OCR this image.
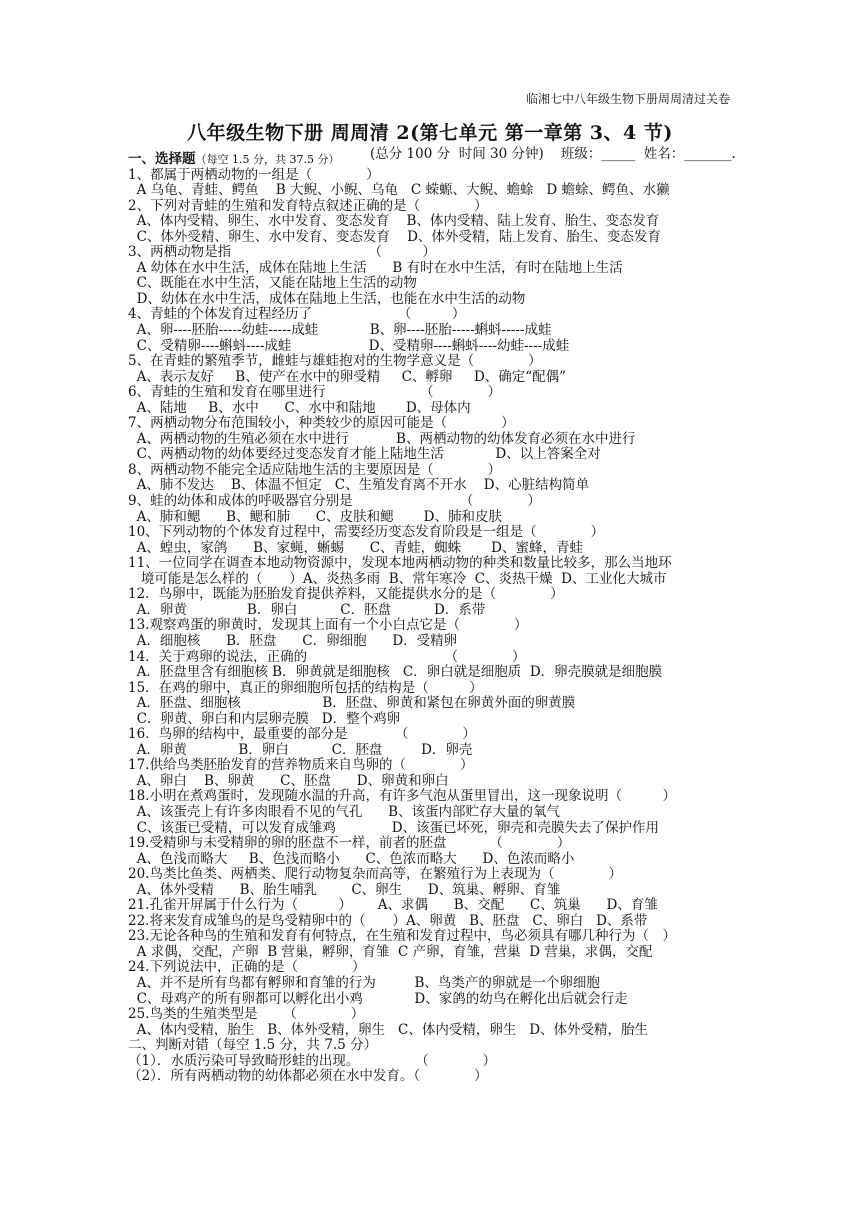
临湘七中八年级生物下册周周清过关卷
八年级生物下册 周周清 2(第七单元 第一章第 3、4 节)
(总分 100 分  时间 30 分钟)    班级：_____  姓名：_______.
一、选择题（每空 1.5 分，共 37.5 分）
1、都属于两栖动物的一组是（　　　　）
A 乌龟、青蛙、鳄鱼    B 大鲵、小鲵、乌龟   C 蝾螈、大鲵、蟾蜍   D 蟾蜍、鳄鱼、水獭
2、下列对青蛙的生殖和发育特点叙述正确的是（　　　　）
A、体内受精、卵生、水中发育、变态发育    B、体内受精、陆上发育、胎生、变态发育
C、体外受精、卵生、水中发育、变态发育    D、体外受精，陆上发育、胎生、变态发育
3、两栖动物是指                                （　　　）
A 幼体在水中生活，成体在陆地上生活      B 有时在水中生活，有时在陆地上生活
C、既能在水中生活，又能在陆地上生活的动物
D、幼体在水中生活，成体在陆地上生活，也能在水中生活的动物
4、青蛙的个体发育过程经历了                    （　　　）
A、卵----胚胎-----幼蛙-----成蛙            B、卵----胚胎-----蝌蚪-----成蛙
C、受精卵----蝌蚪----成蛙                  D、受精卵----蝌蚪----幼蛙----成蛙
5、在青蛙的繁殖季节，雌蛙与雄蛙抱对的生物学意义是（　　　　）
A、表示友好     B、使产在水中的卵受精     C、孵卵     D、确定“配偶”
6、青蛙的生殖和发育在哪里进行                      （　　　　）
A、陆地     B、水中      C、水中和陆地       D、母体内
7、两栖动物分布范围较小，种类较少的原因可能是（　　　　）
A、两栖动物的生殖必须在水中进行           B、两栖动物的幼体发育必须在水中进行
C、两栖动物的幼体要经过变态发育才能上陆地生活            D、以上答案全对
8、两栖动物不能完全适应陆地生活的主要原因是（　　　　）
A、肺不发达    B、体温不恒定   C、生殖发育离不开水    D、心脏结构简单
9、蛙的幼体和成体的呼吸器官分别是                         （　　　　）
A、肺和鳃      B、鳃和肺      C、皮肤和鳃       D、肺和皮肤
10、下列动物的个体发育过程中，需要经历变态发育阶段是一组是（　　　　）
A、蝗虫，家鸽      B、家蝇，蜥蜴      C、青蛙，蜘蛛       D、蜜蜂，青蛙
11、一位同学在调查本地动物资源中，发现本地两栖动物的种类和数量比较多，那么当地环
境可能是怎么样的（　　）A、炎热多雨  B、常年寒冷  C、炎热干燥  D、工业化大城市
12．鸟卵中，既能为胚胎发育提供养料，又能提供水分的是（　　　　）
A．卵黄              B．卵白          C．胚盘          D．系带
13.观察鸡蛋的卵黄时，发现其上面有一个小白点它是（　　　　）
A．细胞核      B．胚盘      C．卵细胞      D．受精卵
14．关于鸡卵的说法，正确的                                （　　　　）
A．胚盘里含有细胞核 B．卵黄就是细胞核   C．卵白就是细胞质  D．卵壳膜就是细胞膜
15．在鸡的卵中，真正的卵细胞所包括的结构是（　　　）
A．胚盘、细胞核                   B．胚盘、卵黄和紧包在卵黄外面的卵黄膜
C．卵黄、卵白和内层卵壳膜   D．整个鸡卵
16．鸟卵的结构中，最重要的部分是           （　　　　）
A．卵黄            B．卵白          C．胚盘         D．卵壳
17.供给鸟类胚胎发育的营养物质来自鸟卵的（　　　　）
A、卵白    B、卵黄      C、胚盘      D、卵黄和卵白
18.小明在煮鸡蛋时，发现随水温的升高，有许多气泡从蛋里冒出，这一现象说明（　　　）
A、该蛋壳上有许多肉眼看不见的气孔      B、该蛋内部贮存大量的氧气
C、该蛋已受精，可以发育成雏鸡             D、该蛋已坏死，卵壳和壳膜失去了保护作用
19.受精卵与未受精卵的卵的胚盘不一样，前者的胚盘          （　　　　）
A、色浅而略大     B、色浅而略小      C、色浓而略大      D、色浓而略小
20.鸟类比鱼类、两栖类、爬行动物复杂而高等，在繁殖行为上表现为（　　　　）
A、体外受精      B、胎生哺乳        C、卵生      D、筑巢、孵卵、育雏
21.孔雀开屏属于什么行为（　　　）      A、求偶      B、交配      C、筑巢      D、育雏
22.将来发育成雏鸟的是鸟受精卵中的（　　）A、卵黄   B、胚盘   C、卵白   D、系带
23.无论各种鸟的生殖和发育有何特点，在生殖和发育过程中，鸟必须具有哪几种行为（　）
A 求偶，交配，产卵  B 营巢，孵卵，育雏  C 产卵，育雏，营巢  D 营巢，求偶，交配
24.下列说法中，正确的是（　　　　）
A、并不是所有鸟都有孵卵和育雏的行为         B、鸟类产的卵就是一个卵细胞
C、母鸡产的所有卵都可以孵化出小鸡            D、家鸽的幼鸟在孵化出后就会行走
25.鸟类的生殖类型是      （　　　　）
A、体内受精，胎生   B、体外受精，卵生   C、体内受精，卵生   D、体外受精，胎生
二、判断对错（每空 1.5 分，共 7.5 分）
（1）．水质污染可导致畸形蛙的出现。             （　　　　）
（2）．所有两栖动物的幼体都必须在水中发育。（　　　　）
